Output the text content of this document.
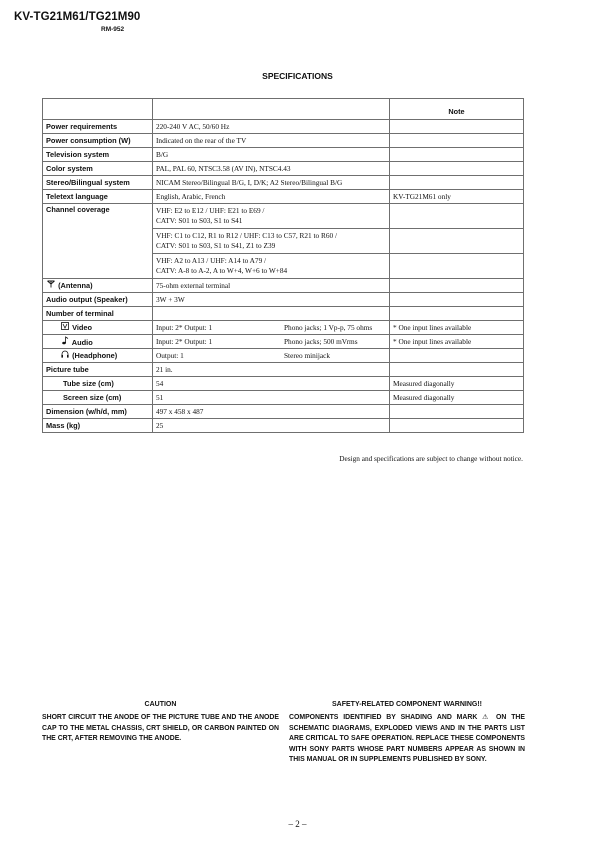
KV-TG21M61/TG21M90
RM-952
SPECIFICATIONS
		Note
Power requirements	220-240 V AC, 50/60 Hz	
Power consumption (W)	Indicated on the rear of the TV	
Television system	B/G	
Color system	PAL, PAL 60, NTSC3.58 (AV IN), NTSC4.43	
Stereo/Bilingual system	NICAM Stereo/Bilingual B/G, I, D/K; A2 Stereo/Bilingual B/G	
Teletext language	English, Arabic, French	KV-TG21M61 only
Channel coverage	VHF: E2 to E12 / UHF: E21 to E69 /
CATV: S01 to S03, S1 to S41	

	VHF: C1 to C12, R1 to R12 / UHF: C13 to C57, R21 to R60 /
CATV: S01 to S03, S1 to S41, Z1 to Z39	

	VHF: A2 to A13 / UHF: A14 to A79 /
CATV: A-8 to A-2, A to W+4, W+6 to W+84	

(Antenna)	75-ohm external terminal	
Audio output (Speaker)	3W + 3W	
Number of terminal		
Video	Input: 2* Output: 1 Phono jacks; 1 Vp-p, 75 ohms	* One input lines available
Audio	Input: 2* Output: 1 Phono jacks; 500 mVrms	* One input lines available
(Headphone)	Output: 1 Stereo minijack	

Picture tube	21 in.	
Tube size (cm)	54	Measured diagonally
Screen size (cm)	51	Measured diagonally
Dimension (w/h/d, mm)	497 x 458 x 487	
Mass (kg)	25	
Design and specifications are subject to change without notice.
CAUTION
SHORT CIRCUIT THE ANODE OF THE PICTURE TUBE AND THE ANODE CAP TO THE METAL CHASSIS, CRT SHIELD, OR CARBON PAINTED ON THE CRT, AFTER REMOVING THE ANODE.
SAFETY-RELATED COMPONENT WARNING!!
COMPONENTS IDENTIFIED BY SHADING AND MARK ⚠ ON THE SCHEMATIC DIAGRAMS, EXPLODED VIEWS AND IN THE PARTS LIST ARE CRITICAL TO SAFE OPERATION. REPLACE THESE COMPONENTS WITH SONY PARTS WHOSE PART NUMBERS APPEAR AS SHOWN IN THIS MANUAL OR IN SUPPLEMENTS PUBLISHED BY SONY.
– 2 –
